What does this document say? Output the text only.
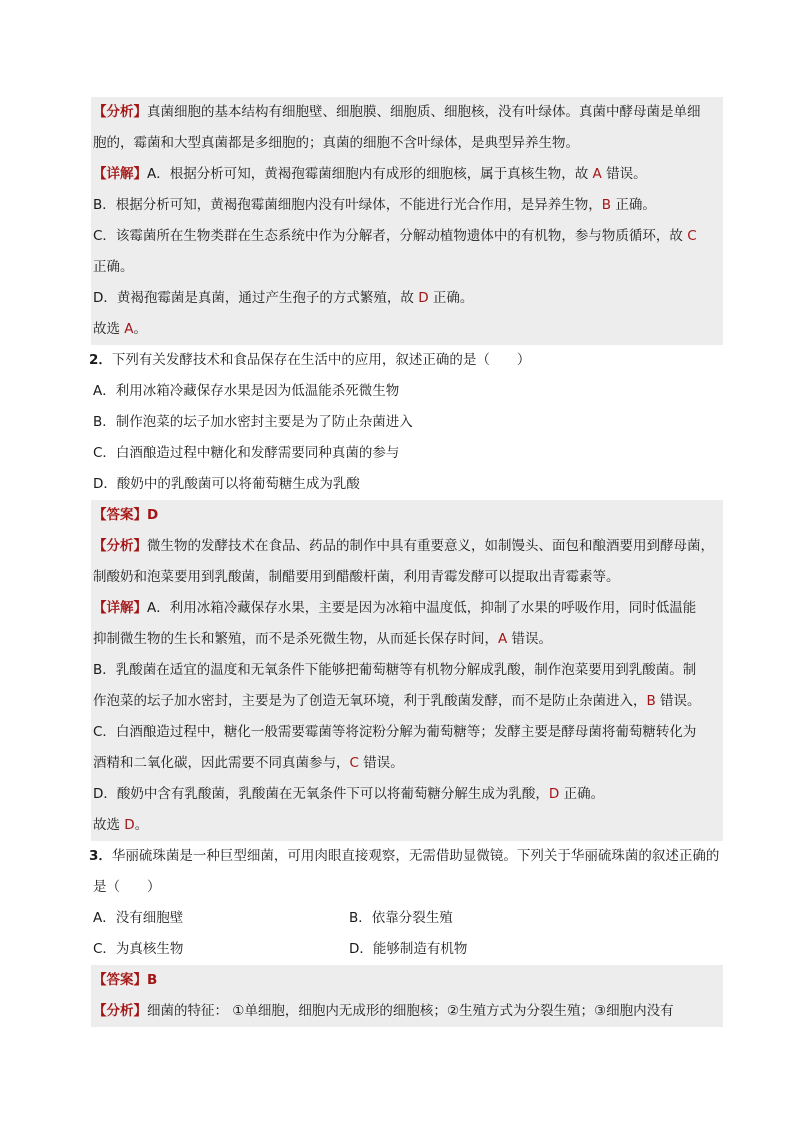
【分析】真菌细胞的基本结构有细胞壁、细胞膜、细胞质、细胞核，没有叶绿体。真菌中酵母菌是单细
胞的，霉菌和大型真菌都是多细胞的；真菌的细胞不含叶绿体，是典型异养生物。
【详解】A．根据分析可知，黄褐孢霉菌细胞内有成形的细胞核，属于真核生物，故 A 错误。
B．根据分析可知，黄褐孢霉菌细胞内没有叶绿体，不能进行光合作用，是异养生物，B 正确。
C．该霉菌所在生物类群在生态系统中作为分解者，分解动植物遗体中的有机物，参与物质循环，故 C
正确。
D．黄褐孢霉菌是真菌，通过产生孢子的方式繁殖，故 D 正确。
故选 A。
2．下列有关发酵技术和食品保存在生活中的应用，叙述正确的是（　　）
A．利用冰箱冷藏保存水果是因为低温能杀死微生物
B．制作泡菜的坛子加水密封主要是为了防止杂菌进入
C．白酒酿造过程中糖化和发酵需要同种真菌的参与
D．酸奶中的乳酸菌可以将葡萄糖生成为乳酸
【答案】D
【分析】微生物的发酵技术在食品、药品的制作中具有重要意义，如制馒头、面包和酿酒要用到酵母菌，
制酸奶和泡菜要用到乳酸菌，制醋要用到醋酸杆菌，利用青霉发酵可以提取出青霉素等。
【详解】A．利用冰箱冷藏保存水果，主要是因为冰箱中温度低，抑制了水果的呼吸作用，同时低温能
抑制微生物的生长和繁殖，而不是杀死微生物，从而延长保存时间，A 错误。
B．乳酸菌在适宜的温度和无氧条件下能够把葡萄糖等有机物分解成乳酸，制作泡菜要用到乳酸菌。制
作泡菜的坛子加水密封，主要是为了创造无氧环境，利于乳酸菌发酵，而不是防止杂菌进入，B 错误。
C．白酒酿造过程中，糖化一般需要霉菌等将淀粉分解为葡萄糖等；发酵主要是酵母菌将葡萄糖转化为
酒精和二氧化碳，因此需要不同真菌参与，C 错误。
D．酸奶中含有乳酸菌，乳酸菌在无氧条件下可以将葡萄糖分解生成为乳酸，D 正确。
故选 D。
3．华丽硫珠菌是一种巨型细菌，可用肉眼直接观察，无需借助显微镜。下列关于华丽硫珠菌的叙述正确的
是（　　）
A．没有细胞壁	B．依靠分裂生殖
C．为真核生物	D．能够制造有机物
【答案】B
【分析】细菌的特征： ①单细胞，细胞内无成形的细胞核；②生殖方式为分裂生殖；③细胞内没有
